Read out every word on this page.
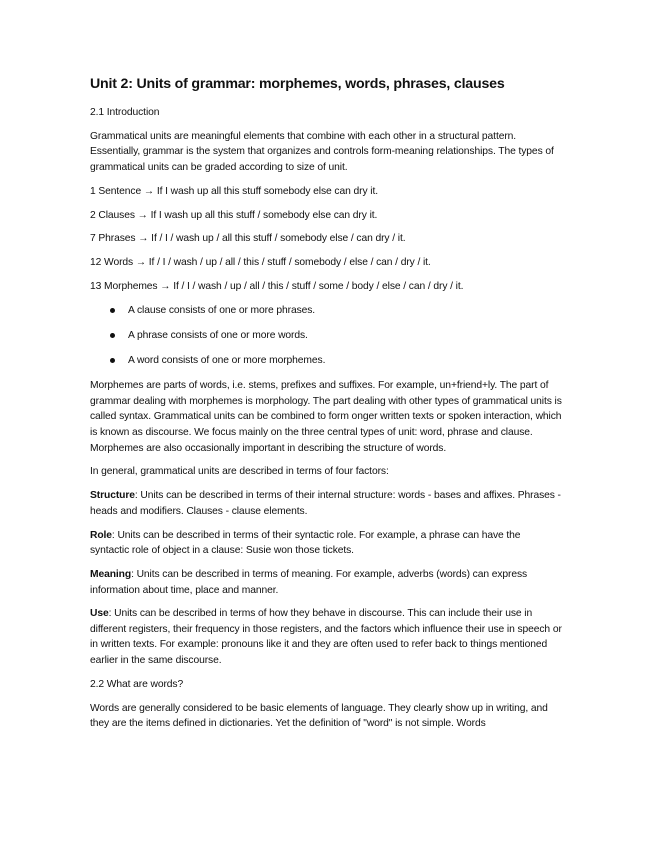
Unit 2: Units of grammar: morphemes, words, phrases, clauses

2.1 Introduction

Grammatical units are meaningful elements that combine with each other in a structural pattern. Essentially, grammar is the system that organizes and controls form-meaning relationships. The types of grammatical units can be graded according to size of unit.

1 Sentence → If I wash up all this stuff somebody else can dry it.

2 Clauses → If I wash up all this stuff / somebody else can dry it.

7 Phrases → If / I / wash up / all this stuff / somebody else / can dry / it.

12 Words → If / I / wash / up / all / this / stuff / somebody / else / can / dry / it.

13 Morphemes → If / I / wash / up / all / this / stuff / some / body / else / can / dry / it.

A clause consists of one or more phrases.
A phrase consists of one or more words.
A word consists of one or more morphemes.

Morphemes are parts of words, i.e. stems, prefixes and suffixes. For example, un+friend+ly. The part of grammar dealing with morphemes is morphology. The part dealing with other types of grammatical units is called syntax. Grammatical units can be combined to form onger written texts or spoken interaction, which is known as discourse. We focus mainly on the three central types of unit: word, phrase and clause. Morphemes are also occasionally important in describing the structure of words.

In general, grammatical units are described in terms of four factors:

Structure: Units can be described in terms of their internal structure: words - bases and affixes. Phrases - heads and modifiers. Clauses - clause elements.

Role: Units can be described in terms of their syntactic role. For example, a phrase can have the syntactic role of object in a clause: Susie won those tickets.

Meaning: Units can be described in terms of meaning. For example, adverbs (words) can express information about time, place and manner.

Use: Units can be described in terms of how they behave in discourse. This can include their use in different registers, their frequency in those registers, and the factors which influence their use in speech or in written texts. For example: pronouns like it and they are often used to refer back to things mentioned earlier in the same discourse.

2.2 What are words?

Words are generally considered to be basic elements of language. They clearly show up in writing, and they are the items defined in dictionaries. Yet the definition of "word" is not simple. Words
